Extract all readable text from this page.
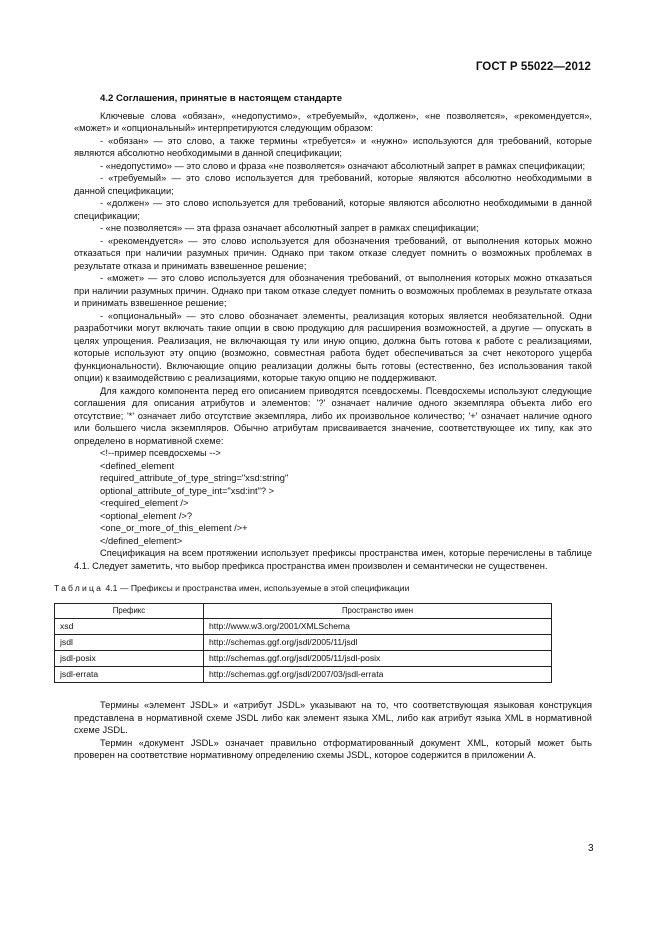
ГОСТ Р 55022—2012

4.2 Соглашения, принятые в настоящем стандарте

Ключевые слова «обязан», «недопустимо», «требуемый», «должен», «не позволяется», «рекомендуется», «может» и «опциональный» интерпретируются следующим образом:

- «обязан» — это слово, а также термины «требуется» и «нужно» используются для требований, которые являются абсолютно необходимыми в данной спецификации;

- «недопустимо» — это слово и фраза «не позволяется» означают абсолютный запрет в рамках спецификации;

- «требуемый» — это слово используется для требований, которые являются абсолютно необходимыми в данной спецификации;

- «должен» — это слово используется для требований, которые являются абсолютно необходимыми в данной спецификации;

- «не позволяется» — эта фраза означает абсолютный запрет в рамках спецификации;

- «рекомендуется» — это слово используется для обозначения требований, от выполнения которых можно отказаться при наличии разумных причин. Однако при таком отказе следует помнить о возможных проблемах в результате отказа и принимать взвешенное решение;

- «может» — это слово используется для обозначения требований, от выполнения которых можно отказаться при наличии разумных причин. Однако при таком отказе следует помнить о возможных проблемах в результате отказа и принимать взвешенное решение;

- «опциональный» — это слово обозначает элементы, реализация которых является необязательной. Одни разработчики могут включать такие опции в свою продукцию для расширения возможностей, а другие — опускать в целях упрощения. Реализация, не включающая ту или иную опцию, должна быть готова к работе с реализациями, которые используют эту опцию (возможно, совместная работа будет обеспечиваться за счет некоторого ущерба функциональности). Включающие опцию реализации должны быть готовы (естественно, без использования такой опции) к взаимодействию с реализациями, которые такую опцию не поддерживают.

Для каждого компонента перед его описанием приводятся псевдосхемы. Псевдосхемы используют следующие соглашения для описания атрибутов и элементов: '?' означает наличие одного экземпляра объекта либо его отсутствие; '*' означает либо отсутствие экземпляра, либо их произвольное количество; '+' означает наличие одного или большего числа экземпляров. Обычно атрибутам присваивается значение, соответствующее их типу, как это определено в нормативной схеме:

<!--пример псевдосхемы -->
<defined_element
required_attribute_of_type_string="xsd:string"
optional_attribute_of_type_int="xsd:int"? >
<required_element />
<optional_element />?
<one_or_more_of_this_element />+
</defined_element>

Спецификация на всем протяжении использует префиксы пространства имен, которые перечислены в таблице 4.1. Следует заметить, что выбор префикса пространства имен произволен и семантически не существенен.

Таблица 4.1 — Префиксы и пространства имен, используемые в этой спецификации

Префикс	Пространство имен
xsd	http://www.w3.org/2001/XMLSchema
jsdl	http://schemas.ggf.org/jsdl/2005/11/jsdl
jsdl-posix	http://schemas.ggf.org/jsdl/2005/11/jsdl-posix
jsdl-errata	http://schemas.ggf.org/jsdl/2007/03/jsdl-errata

Термины «элемент JSDL» и «атрибут JSDL» указывают на то, что соответствующая языковая конструкция представлена в нормативной схеме JSDL либо как элемент языка XML, либо как атрибут языка XML в нормативной схеме JSDL.

Термин «документ JSDL» означает правильно отформатированный документ XML, который может быть проверен на соответствие нормативному определению схемы JSDL, которое содержится в приложении А.

3
